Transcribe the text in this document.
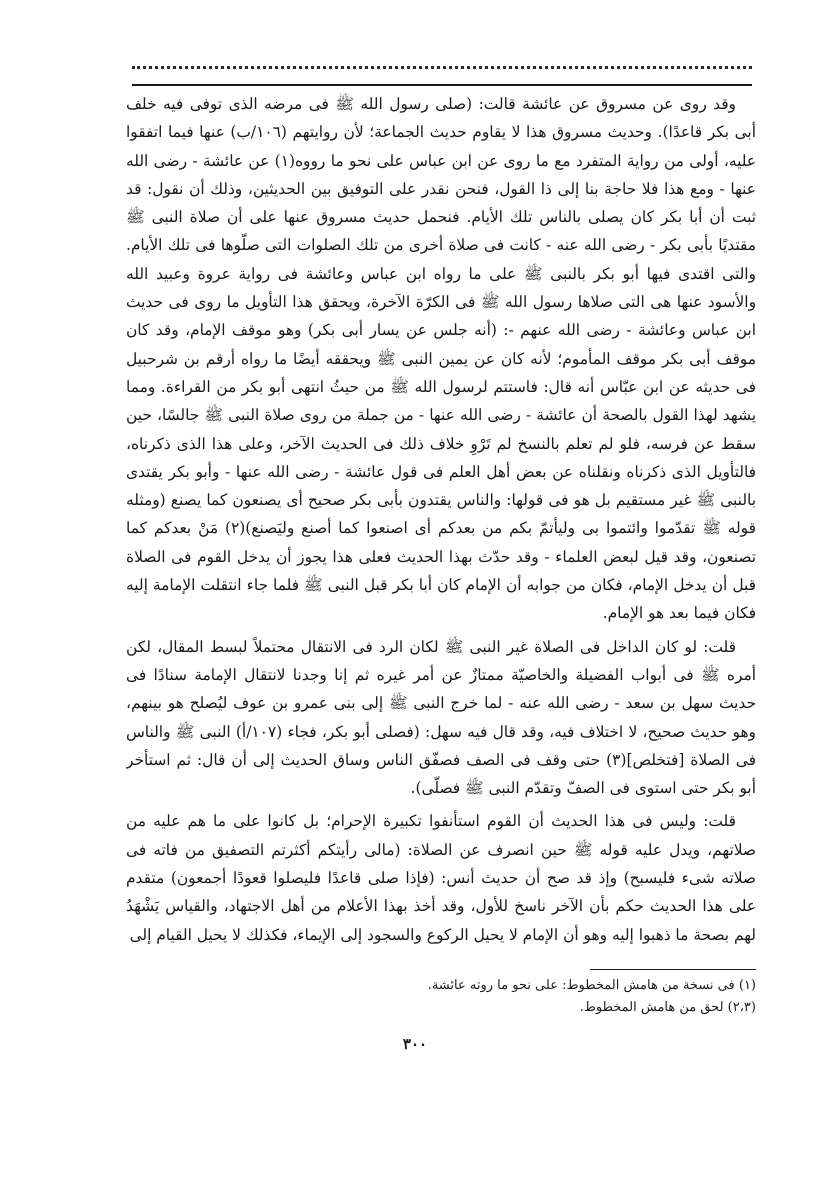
وقد روى عن مسروق عن عائشة قالت: (صلى رسول الله ﷺ فى مرضه الذى توفى فيه خلف أبى بكر قاعدًا). وحديث مسروق هذا لا يقاوم حديث الجماعة؛ لأن روايتهم (١٠٦/ب) عنها فيما اتفقوا عليه، أولى من رواية المتفرد مع ما روى عن ابن عباس على نحو ما رووه(١) عن عائشة - رضى الله عنها - ومع هذا فلا حاجة بنا إلى ذا القول، فنحن نقدر على التوفيق بين الحديثين، وذلك أن نقول: قد ثبت أن أبا بكر كان يصلى بالناس تلك الأيام. فنحمل حديث مسروق عنها على أن صلاة النبى ﷺ مقتديًا بأبى بكر - رضى الله عنه - كانت فى صلاة أخرى من تلك الصلوات التى صلّوها فى تلك الأيام. والتى اقتدى فيها أبو بكر بالنبى ﷺ على ما رواه ابن عباس وعائشة فى رواية عروة وعبيد الله والأسود عنها هى التى صلاها رسول الله ﷺ فى الكرّة الآخرة، ويحقق هذا التأويل ما روى فى حديث ابن عباس وعائشة - رضى الله عنهم -: (أنه جلس عن يسار أبى بكر) وهو موقف الإمام، وقد كان موقف أبى بكر موقف المأموم؛ لأنه كان عن يمين النبى ﷺ ويحققه أيضًا ما رواه أرقم بن شرحبيل فى حديثه عن ابن عبّاس أنه قال: فاستتم لرسول الله ﷺ من حيثُ انتهى أبو بكر من القراءة. ومما يشهد لهذا القول بالصحة أن عائشة - رضى الله عنها - من جملة من روى صلاة النبى ﷺ جالسًا، حين سقط عن فرسه، فلو لم تعلم بالنسخ لم تَرْوِ خلاف ذلك فى الحديث الآخر، وعلى هذا الذى ذكرناه، فالتأويل الذى ذكرناه ونقلناه عن بعض أهل العلم فى قول عائشة - رضى الله عنها - وأبو بكر يقتدى بالنبى ﷺ غير مستقيم بل هو فى قولها: والناس يقتدون بأبى بكر صحيح أى يصنعون كما يصنع (ومثله قوله ﷺ تقدّموا وائتموا بى وليأتمّ بكم من بعدكم أى اصنعوا كما أصنع وليَصنع)(٢) مَنْ بعدكم كما تصنعون، وقد قيل لبعض العلماء - وقد حدّث بهذا الحديث فعلى هذا يجوز أن يدخل القوم فى الصلاة قبل أن يدخل الإمام، فكان من جوابه أن الإمام كان أبا بكر قبل النبى ﷺ فلما جاء انتقلت الإمامة إليه فكان فيما بعد هو الإمام.

قلت: لو كان الداخل فى الصلاة غير النبى ﷺ لكان الرد فى الانتقال محتملاً لبسط المقال، لكن أمره ﷺ فى أبواب الفضيلة والخاصيّة ممتازٌ عن أمر غيره ثم إنا وجدنا لانتقال الإمامة سنادًا فى حديث سهل بن سعد - رضى الله عنه - لما خرج النبى ﷺ إلى بنى عمرو بن عوف ليُصلح هو بينهم، وهو حديث صحيح، لا اختلاف فيه، وقد قال فيه سهل: (فصلى أبو بكر، فجاء (١٠٧/أ) النبى ﷺ والناس فى الصلاة [فتخلص](٣) حتى وقف فى الصف فصفّق الناس وساق الحديث إلى أن قال: ثم استأخر أبو بكر حتى استوى فى الصفّ وتقدّم النبى ﷺ فصلّى).

قلت: وليس فى هذا الحديث أن القوم استأنفوا تكبيرة الإحرام؛ بل كانوا على ما هم عليه من صلاتهم، ويدل عليه قوله ﷺ حين انصرف عن الصلاة: (مالى رأيتكم أكثرتم التصفيق من فاته فى صلاته شىء فليسبح) وإذ قد صح أن حديث أنس: (فإذا صلى قاعدًا فليصلوا قعودًا أجمعون) متقدم على هذا الحديث حكم بأن الآخر ناسخ للأول، وقد أخذ بهذا الأعلام من أهل الاجتهاد، والقياس يَشْهَدُ لهم بصحة ما ذهبوا إليه وهو أن الإمام لا يحيل الركوع والسجود إلى الإيماء، فكذلك لا يحيل القيام إلى

(١) فى نسخة من هامش المخطوط: على نحو ما روته عائشة.
(٢،٣) لحق من هامش المخطوط.
٣٠٠
